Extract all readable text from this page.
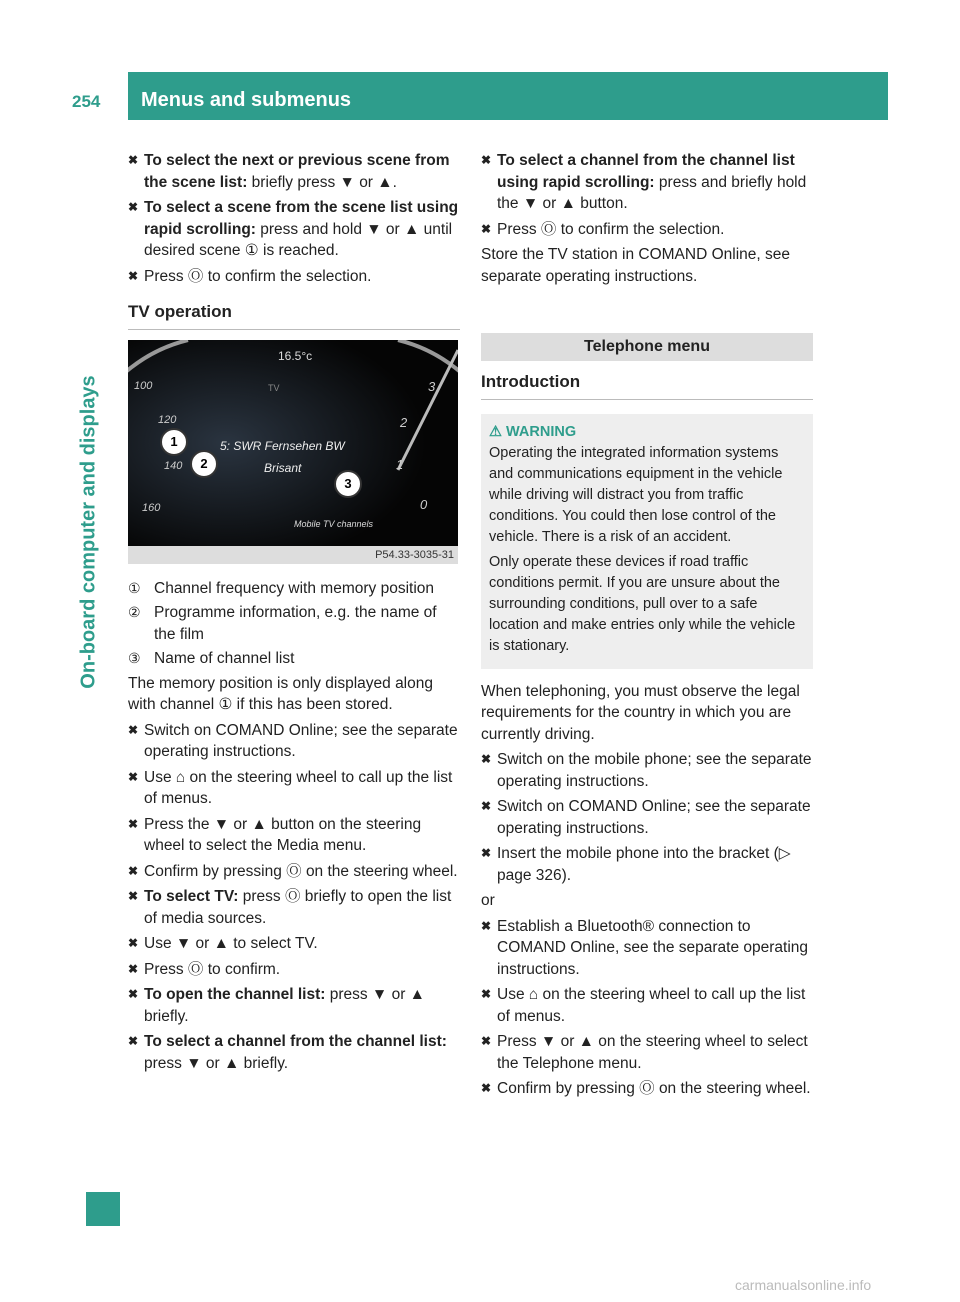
254	Menus and submenus
On-board computer and displays
✖ To select the next or previous scene from the scene list: briefly press ▼ or ▲.
✖ To select a scene from the scene list using rapid scrolling: press and hold ▼ or ▲ until desired scene ① is reached.
✖ Press Ⓞ to confirm the selection.
TV operation
16.5°c
TV
100
120
140
160
3
2
1
0
5: SWR Fernsehen BW
Brisant
Mobile TV channels
1
2
3
P54.33-3035-31
① Channel frequency with memory position
② Programme information, e.g. the name of the film
③ Name of channel list

The memory position is only displayed along with channel ① if this has been stored.

✖ Switch on COMAND Online; see the separate operating instructions.
✖ Use ⌂ on the steering wheel to call up the list of menus.
✖ Press the ▼ or ▲ button on the steering wheel to select the Media menu.
✖ Confirm by pressing Ⓞ on the steering wheel.
✖ To select TV: press Ⓞ briefly to open the list of media sources.
✖ Use ▼ or ▲ to select TV.
✖ Press Ⓞ to confirm.
✖ To open the channel list: press ▼ or ▲ briefly.
✖ To select a channel from the channel list: press ▼ or ▲ briefly.
✖ To select a channel from the channel list using rapid scrolling: press and briefly hold the ▼ or ▲ button.
✖ Press Ⓞ to confirm the selection.

Store the TV station in COMAND Online, see separate operating instructions.

Telephone menu
Introduction
⚠ WARNING

Operating the integrated information systems and communications equipment in the vehicle while driving will distract you from traffic conditions. You could then lose control of the vehicle. There is a risk of an accident.

Only operate these devices if road traffic conditions permit. If you are unsure about the surrounding conditions, pull over to a safe location and make entries only while the vehicle is stationary.

When telephoning, you must observe the legal requirements for the country in which you are currently driving.

✖ Switch on the mobile phone; see the separate operating instructions.
✖ Switch on COMAND Online; see the separate operating instructions.
✖ Insert the mobile phone into the bracket (▷ page 326).

or

✖ Establish a Bluetooth® connection to COMAND Online, see the separate operating instructions.
✖ Use ⌂ on the steering wheel to call up the list of menus.
✖ Press ▼ or ▲ on the steering wheel to select the Telephone menu.
✖ Confirm by pressing Ⓞ on the steering wheel.
carmanualsonline.info
